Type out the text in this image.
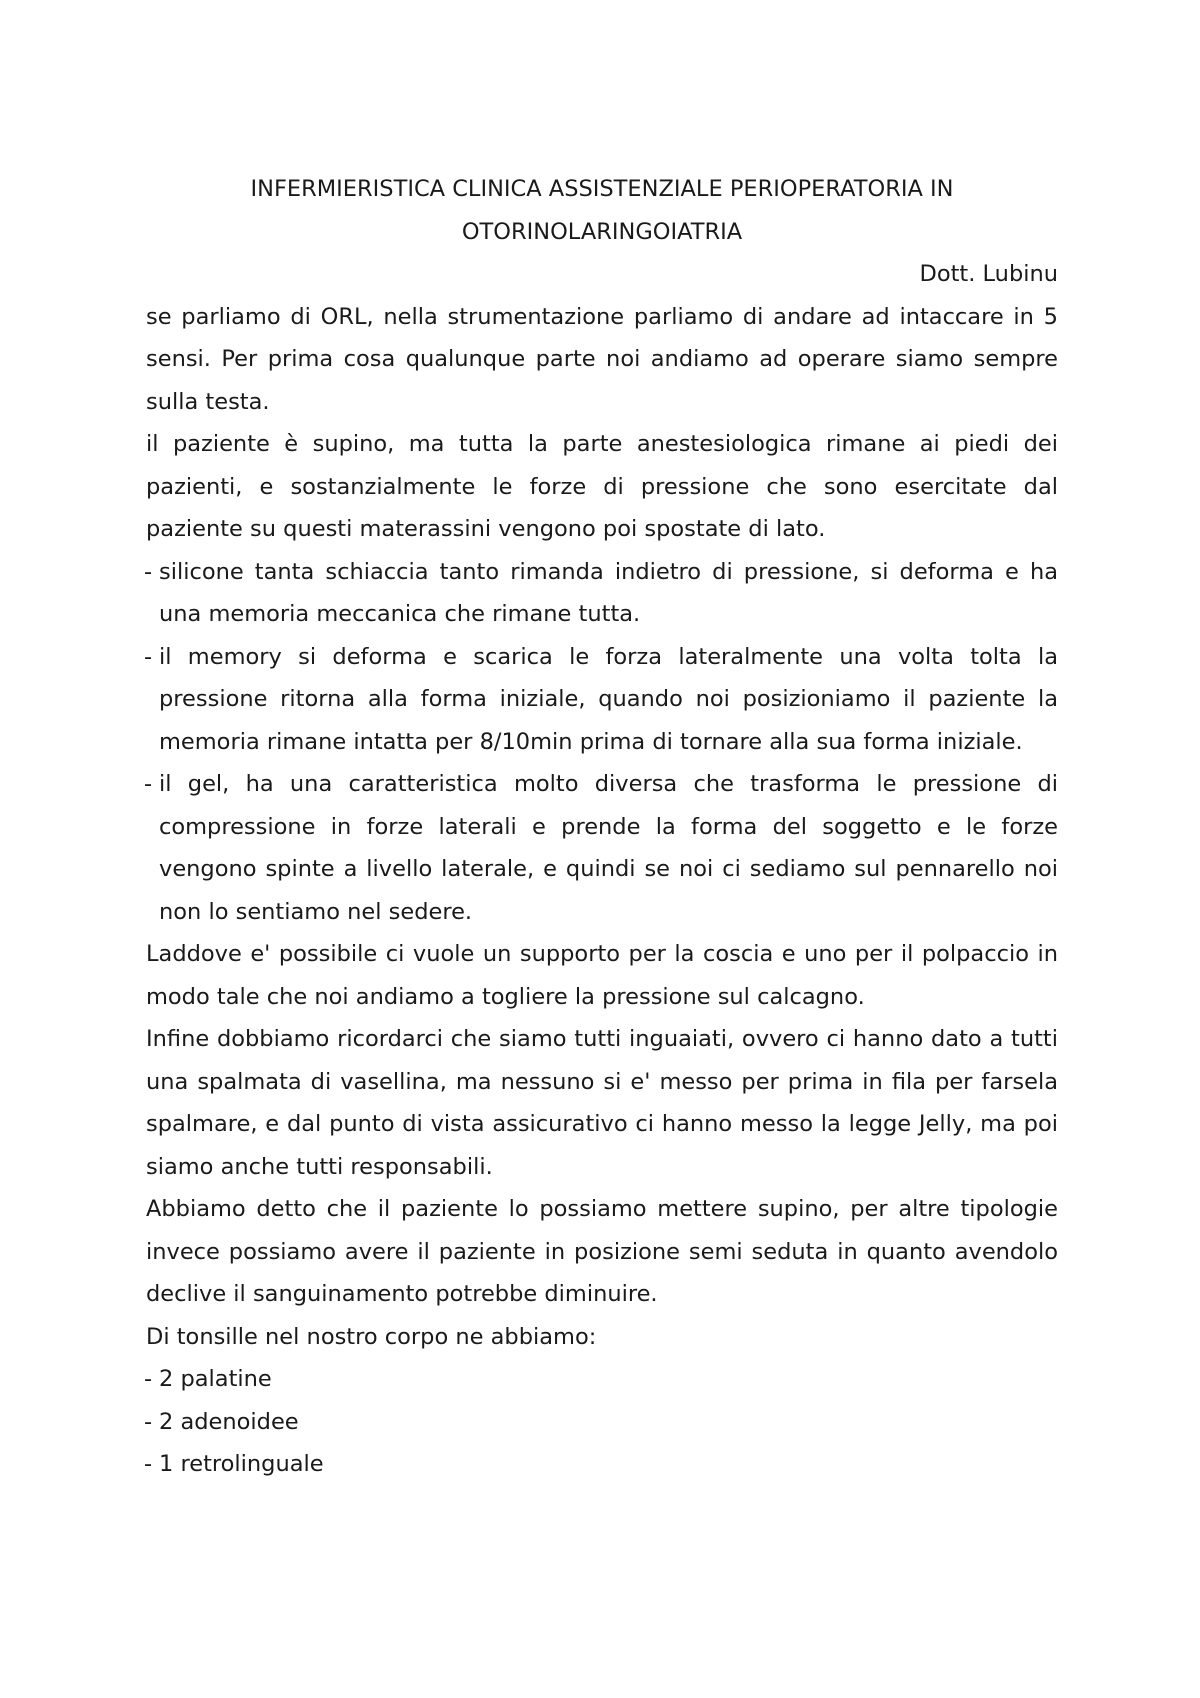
INFERMIERISTICA CLINICA ASSISTENZIALE PERIOPERATORIA IN

OTORINOLARINGOIATRIA

Dott. Lubinu

se parliamo di ORL, nella strumentazione parliamo di andare ad intaccare in 5 sensi. Per prima cosa qualunque parte noi andiamo ad operare siamo sempre sulla testa.

il paziente è supino, ma tutta la parte anestesiologica rimane ai piedi dei pazienti, e sostanzialmente le forze di pressione che sono esercitate dal paziente su questi materassini vengono poi spostate di lato.

- silicone tanta schiaccia tanto rimanda indietro di pressione, si deforma e ha una memoria meccanica che rimane tutta.
- il memory si deforma e scarica le forza lateralmente una volta tolta la pressione ritorna alla forma iniziale, quando noi posizioniamo il paziente la memoria rimane intatta per 8/10min prima di tornare alla sua forma iniziale.
- il gel, ha una caratteristica molto diversa che trasforma le pressione di compressione in forze laterali e prende la forma del soggetto e le forze vengono spinte a livello laterale, e quindi se noi ci sediamo sul pennarello noi non lo sentiamo nel sedere.

Laddove e' possibile ci vuole un supporto per la coscia e uno per il polpaccio in modo tale che noi andiamo a togliere la pressione sul calcagno.

Infine dobbiamo ricordarci che siamo tutti inguaiati, ovvero ci hanno dato a tutti una spalmata di vasellina, ma nessuno si e' messo per prima in fila per farsela spalmare, e dal punto di vista assicurativo ci hanno messo la legge Jelly, ma poi siamo anche tutti responsabili.

Abbiamo detto che il paziente lo possiamo mettere supino, per altre tipologie invece possiamo avere il paziente in posizione semi seduta in quanto avendolo declive il sanguinamento potrebbe diminuire.

Di tonsille nel nostro corpo ne abbiamo:

- 2 palatine
- 2 adenoidee
- 1 retrolinguale
